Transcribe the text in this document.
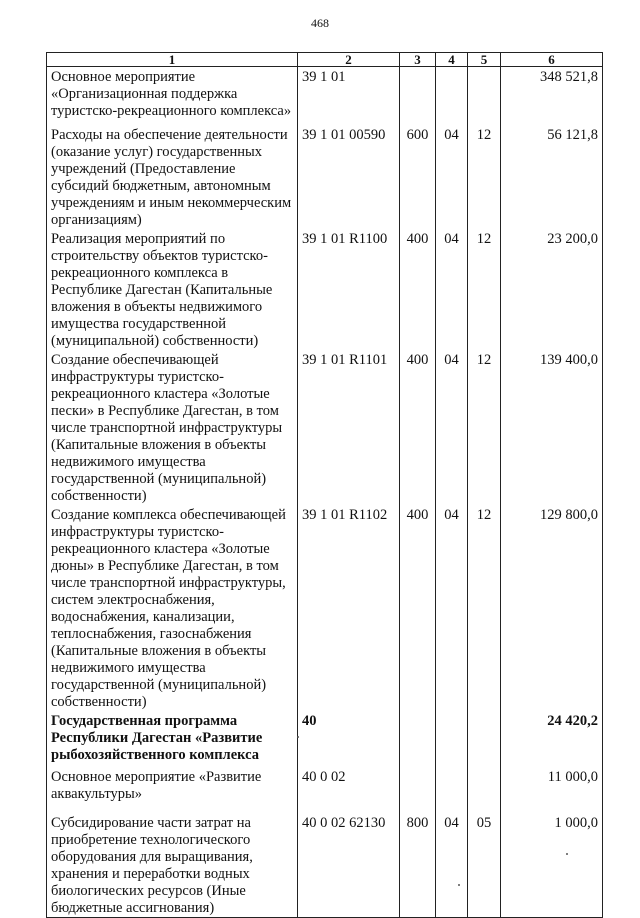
468
1	2	3	4	5	6
Основное мероприятие «Организационная поддержка туристско-рекреационного комплекса»	39 1 01				348 521,8
Расходы на обеспечение деятельности (оказание услуг) государственных учреждений (Предоставление субсидий бюджетным, автономным учреждениям и иным некоммерческим организациям)	39 1 01 00590	600	04	12	56 121,8
Реализация мероприятий по строительству объектов туристско-рекреационного комплекса в Республике Дагестан (Капитальные вложения в объекты недвижимого имущества государственной (муниципальной) собственности)	39 1 01 R1100	400	04	12	23 200,0
Создание обеспечивающей инфраструктуры туристско-рекреационного кластера «Золотые пески» в Республике Дагестан, в том числе транспортной инфраструктуры (Капитальные вложения в объекты недвижимого имущества государственной (муниципальной) собственности)	39 1 01 R1101	400	04	12	139 400,0
Создание комплекса обеспечивающей инфраструктуры туристско-рекреационного кластера «Золотые дюны» в Республике Дагестан, в том числе транспортной инфраструктуры, систем электроснабжения, водоснабжения, канализации, теплоснабжения, газоснабжения (Капитальные вложения в объекты недвижимого имущества государственной (муниципальной) собственности)	39 1 01 R1102	400	04	12	129 800,0
Государственная программа Республики Дагестан «Развитие рыбохозяйственного комплекса	40				24 420,2
Основное мероприятие «Развитие аквакультуры»	40 0 02				11 000,0
Субсидирование части затрат на приобретение технологического оборудования для выращивания, хранения и переработки водных биологических ресурсов (Иные бюджетные ассигнования)	40 0 02 62130	800	04	05	1 000,0
